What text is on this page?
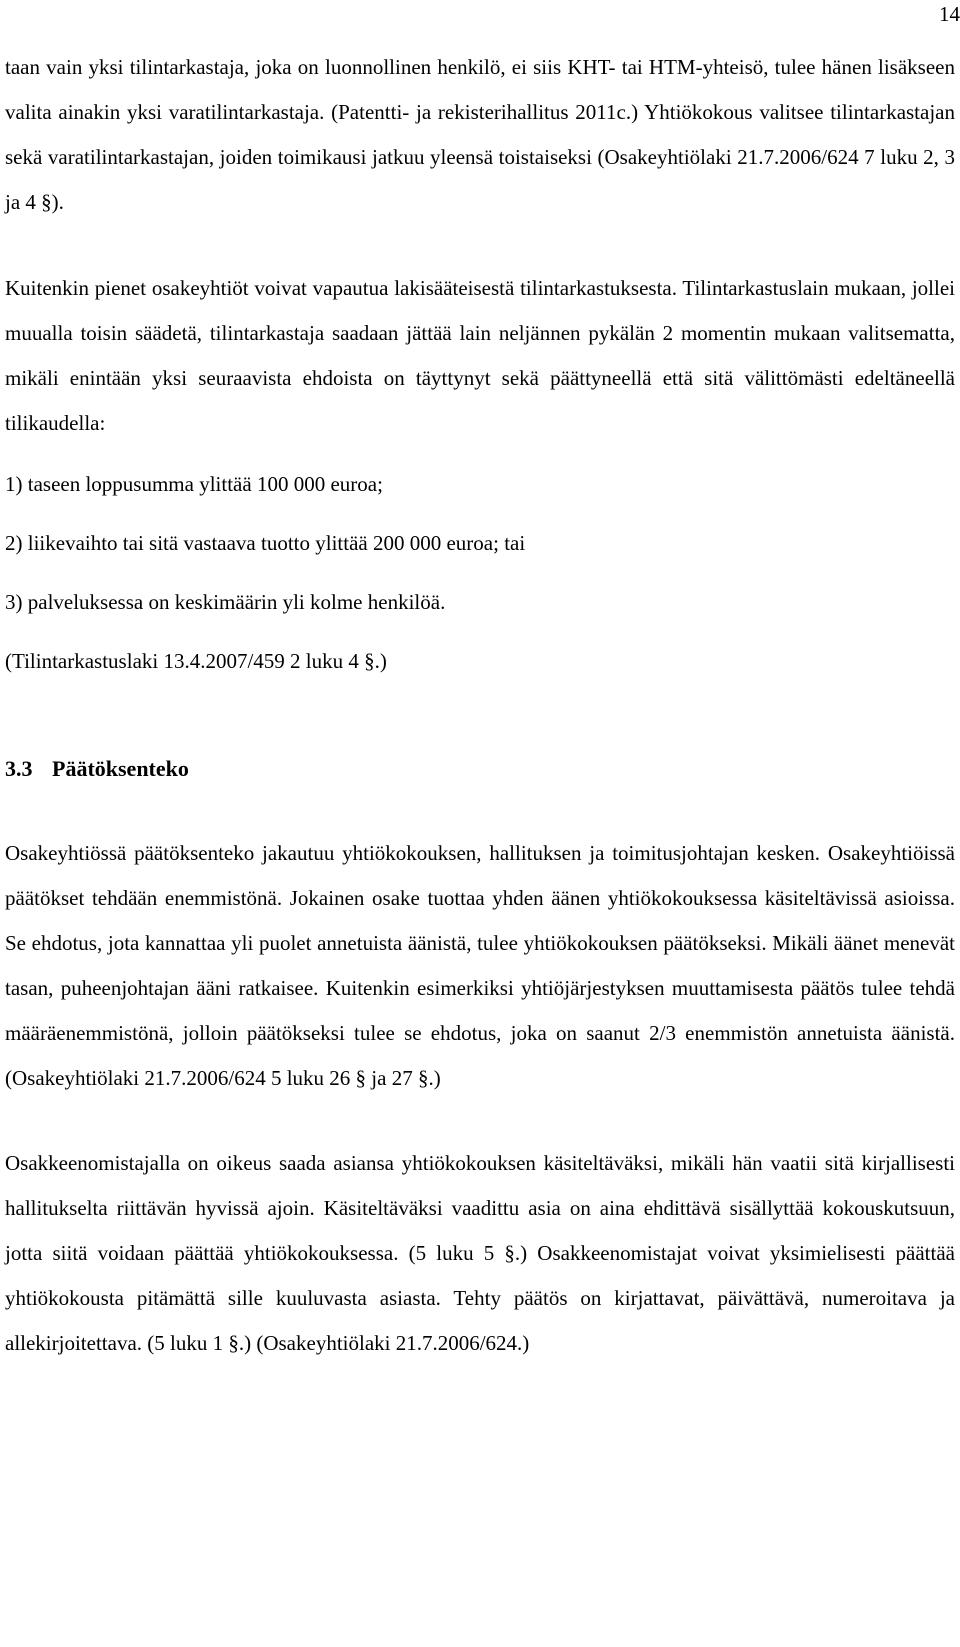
14

taan vain yksi tilintarkastaja, joka on luonnollinen henkilö, ei siis KHT- tai HTM-yhteisö, tulee hänen lisäkseen valita ainakin yksi varatilintarkastaja. (Patentti- ja rekisterihallitus 2011c.) Yhtiökokous valitsee tilintarkastajan sekä varatilintarkastajan, joiden toimikausi jatkuu yleensä toistaiseksi (Osakeyhtiölaki 21.7.2006/624 7 luku 2, 3 ja 4 §).

Kuitenkin pienet osakeyhtiöt voivat vapautua lakisääteisestä tilintarkastuksesta. Tilintarkastuslain mukaan, jollei muualla toisin säädetä, tilintarkastaja saadaan jättää lain neljännen pykälän 2 momentin mukaan valitsematta, mikäli enintään yksi seuraavista ehdoista on täyttynyt sekä päättyneellä että sitä välittömästi edeltäneellä tilikaudella:

1) taseen loppusumma ylittää 100 000 euroa;

2) liikevaihto tai sitä vastaava tuotto ylittää 200 000 euroa; tai

3) palveluksessa on keskimäärin yli kolme henkilöä.

(Tilintarkastuslaki 13.4.2007/459 2 luku 4 §.)

3.3 Päätöksenteko

Osakeyhtiössä päätöksenteko jakautuu yhtiökokouksen, hallituksen ja toimitusjohtajan kesken. Osakeyhtiöissä päätökset tehdään enemmistönä. Jokainen osake tuottaa yhden äänen yhtiökokouksessa käsiteltävissä asioissa. Se ehdotus, jota kannattaa yli puolet annetuista äänistä, tulee yhtiökokouksen päätökseksi. Mikäli äänet menevät tasan, puheenjohtajan ääni ratkaisee. Kuitenkin esimerkiksi yhtiöjärjestyksen muuttamisesta päätös tulee tehdä määräenemmistönä, jolloin päätökseksi tulee se ehdotus, joka on saanut 2/3 enemmistön annetuista äänistä. (Osakeyhtiölaki 21.7.2006/624 5 luku 26 § ja 27 §.)

Osakkeenomistajalla on oikeus saada asiansa yhtiökokouksen käsiteltäväksi, mikäli hän vaatii sitä kirjallisesti hallitukselta riittävän hyvissä ajoin. Käsiteltäväksi vaadittu asia on aina ehdittävä sisällyttää kokouskutsuun, jotta siitä voidaan päättää yhtiökokouksessa. (5 luku 5 §.) Osakkeenomistajat voivat yksimielisesti päättää yhtiökokousta pitämättä sille kuuluvasta asiasta. Tehty päätös on kirjattavat, päivättävä, numeroitava ja allekirjoitettava. (5 luku 1 §.) (Osakeyhtiölaki 21.7.2006/624.)
